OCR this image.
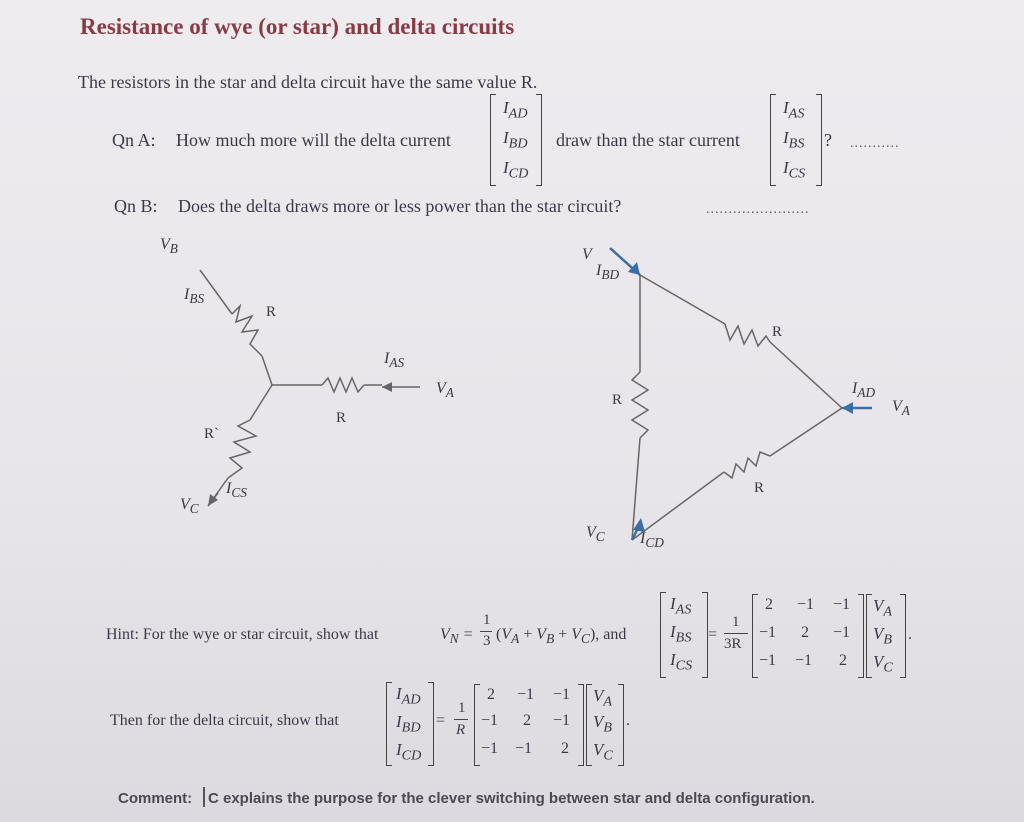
Resistance of wye (or star) and delta circuits
The resistors in the star and delta circuit have the same value R.
Qn A: How much more will the delta current
$I_{AD}$
$I_{BD}$
$I_{CD}$
draw than the star current
$I_{AS}$
$I_{BS}$
$I_{CS}$
? ...........
Qn B: Does the delta draws more or less power than the star circuit?	.......................
$V_B$
$I_{BS}$
R
$I_{AS}$
$V_A$
R
R`
$I_{CS}$
$V_C$
V
$I_{BD}$
R
$I_{AD}$
$V_A$
R
R
$V_C$ $I_{CD}$
Hint: For the wye or star circuit, show that	$V_N$ =
1
3 $(V_A + V_B + V_C)$, and
$I_{AS}$
$I_{BS}$
$I_{CS}$
=
1
3R
2 −1 −1
−1 2 −1
−1 −1 2
$V_A$
$V_B$
$V_C$
.
Then for the delta circuit, show that
$I_{AD}$
$I_{BD}$
$I_{CD}$
=
1
R
2 −1 −1
−1 2 −1
−1 −1 2
$V_A$
$V_B$
$V_C$
.
Comment: C explains the purpose for the clever switching between star and delta configuration.
